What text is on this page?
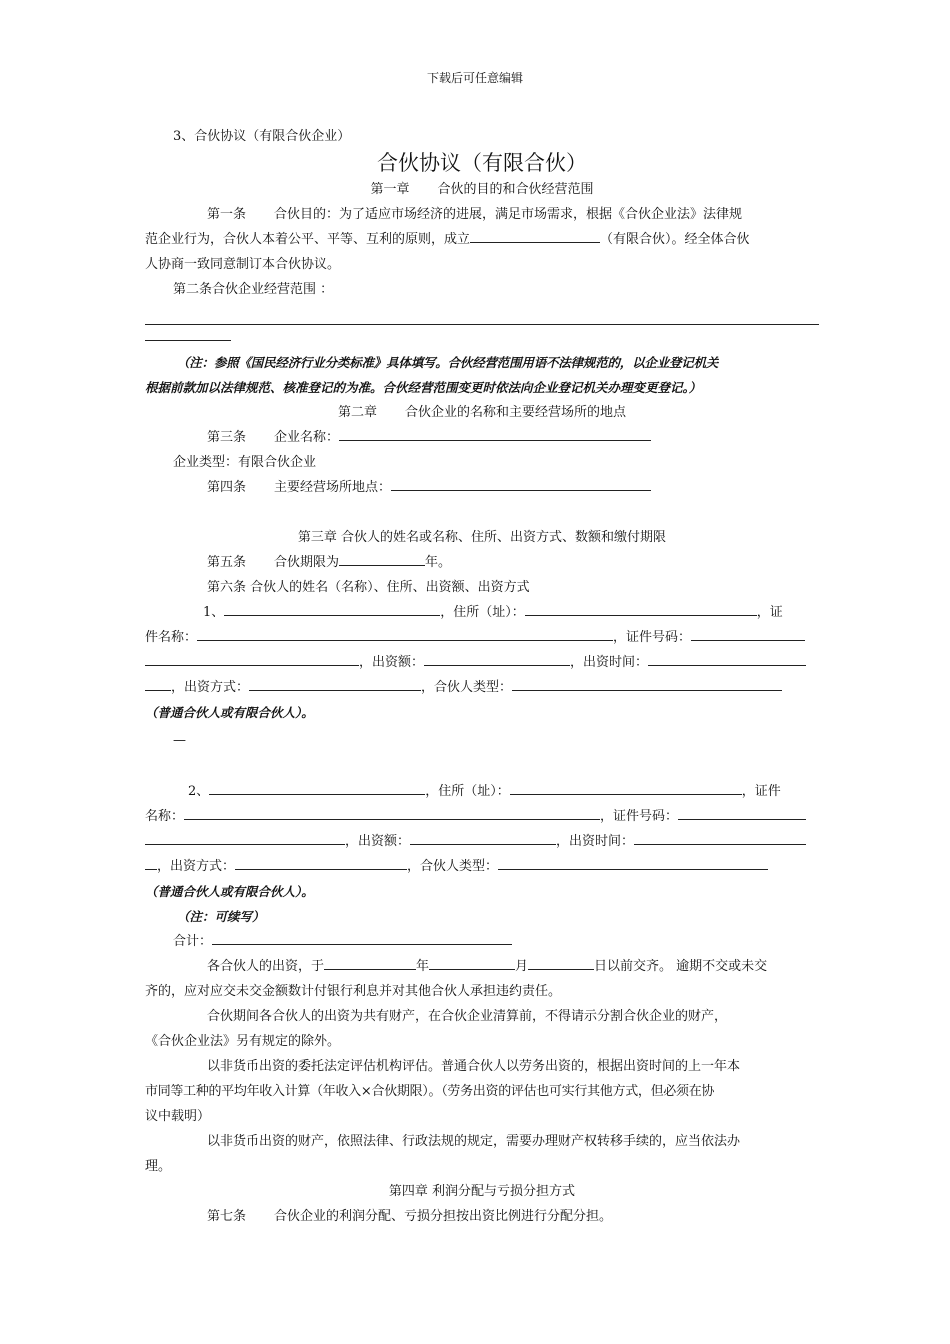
下载后可任意编辑
3、合伙协议（有限合伙企业）
合伙协议（有限合伙）
第一章 合伙的目的和合伙经营范围
第一条 合伙目的：为了适应市场经济的进展，满足市场需求，根据《合伙企业法》法律规
范企业行为，合伙人本着公平、平等、互利的原则，成立	（有限合伙）。经全体合伙
人协商一致同意制订本合伙协议。
第二条合伙企业经营范围 ：
（注：参照《国民经济行业分类标准》具体填写。合伙经营范围用语不法律规范的，以企业登记机关
根据前款加以法律规范、核准登记的为准。合伙经营范围变更时依法向企业登记机关办理变更登记。）
第二章 合伙企业的名称和主要经营场所的地点
第三条 企业名称：
企业类型：有限合伙企业
第四条 主要经营场所地点：
第三章 合伙人的姓名或名称、住所、出资方式、数额和缴付期限
第五条 合伙期限为	年。
第六条 合伙人的姓名（名称）、住所、出资额、出资方式
1、	，住所（址）：	，证
件名称：	，证件号码：
，出资额：	，出资时间：
，出资方式：	，合伙人类型：
（普通合伙人或有限合伙人）。
—
2、	，住所（址）：	，证件
名称：	，证件号码：
，出资额：	，出资时间：
，出资方式：	，合伙人类型：
（普通合伙人或有限合伙人）。
（注：可续写）
合计：
各合伙人的出资，于	年	月	日以前交齐。 逾期不交或未交
齐的，应对应交未交金额数计付银行利息并对其他合伙人承担违约责任。
合伙期间各合伙人的出资为共有财产，在合伙企业清算前，不得请示分割合伙企业的财产，
《合伙企业法》另有规定的除外。
以非货币出资的委托法定评估机构评估。普通合伙人以劳务出资的，根据出资时间的上一年本
市同等工种的平均年收入计算（年收入×合伙期限）。（劳务出资的评估也可实行其他方式，但必须在协
议中载明）
以非货币出资的财产，依照法律、行政法规的规定，需要办理财产权转移手续的，应当依法办
理。
第四章 利润分配与亏损分担方式
第七条 合伙企业的利润分配、亏损分担按出资比例进行分配分担。
